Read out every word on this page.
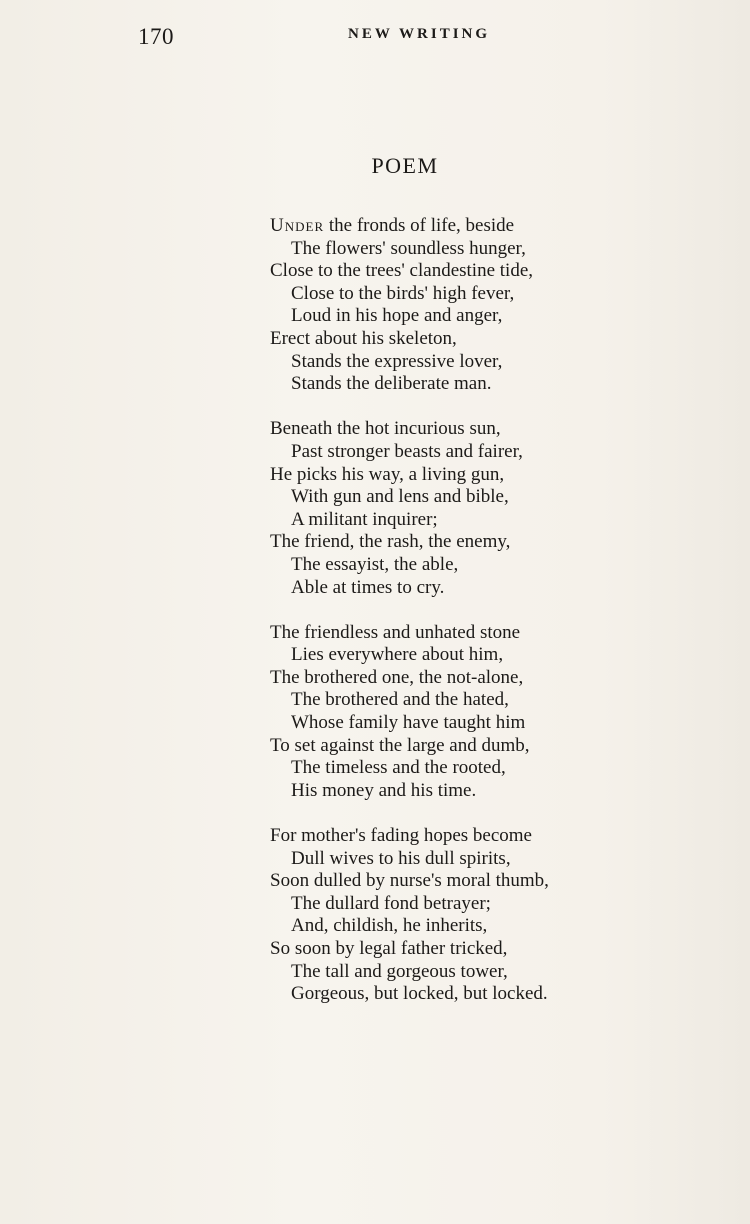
170	NEW WRITING
POEM
Under the fronds of life, beside
The flowers' soundless hunger,
Close to the trees' clandestine tide,
Close to the birds' high fever,
Loud in his hope and anger,
Erect about his skeleton,
Stands the expressive lover,
Stands the deliberate man.
Beneath the hot incurious sun,
Past stronger beasts and fairer,
He picks his way, a living gun,
With gun and lens and bible,
A militant inquirer;
The friend, the rash, the enemy,
The essayist, the able,
Able at times to cry.
The friendless and unhated stone
Lies everywhere about him,
The brothered one, the not-alone,
The brothered and the hated,
Whose family have taught him
To set against the large and dumb,
The timeless and the rooted,
His money and his time.
For mother's fading hopes become
Dull wives to his dull spirits,
Soon dulled by nurse's moral thumb,
The dullard fond betrayer;
And, childish, he inherits,
So soon by legal father tricked,
The tall and gorgeous tower,
Gorgeous, but locked, but locked.
